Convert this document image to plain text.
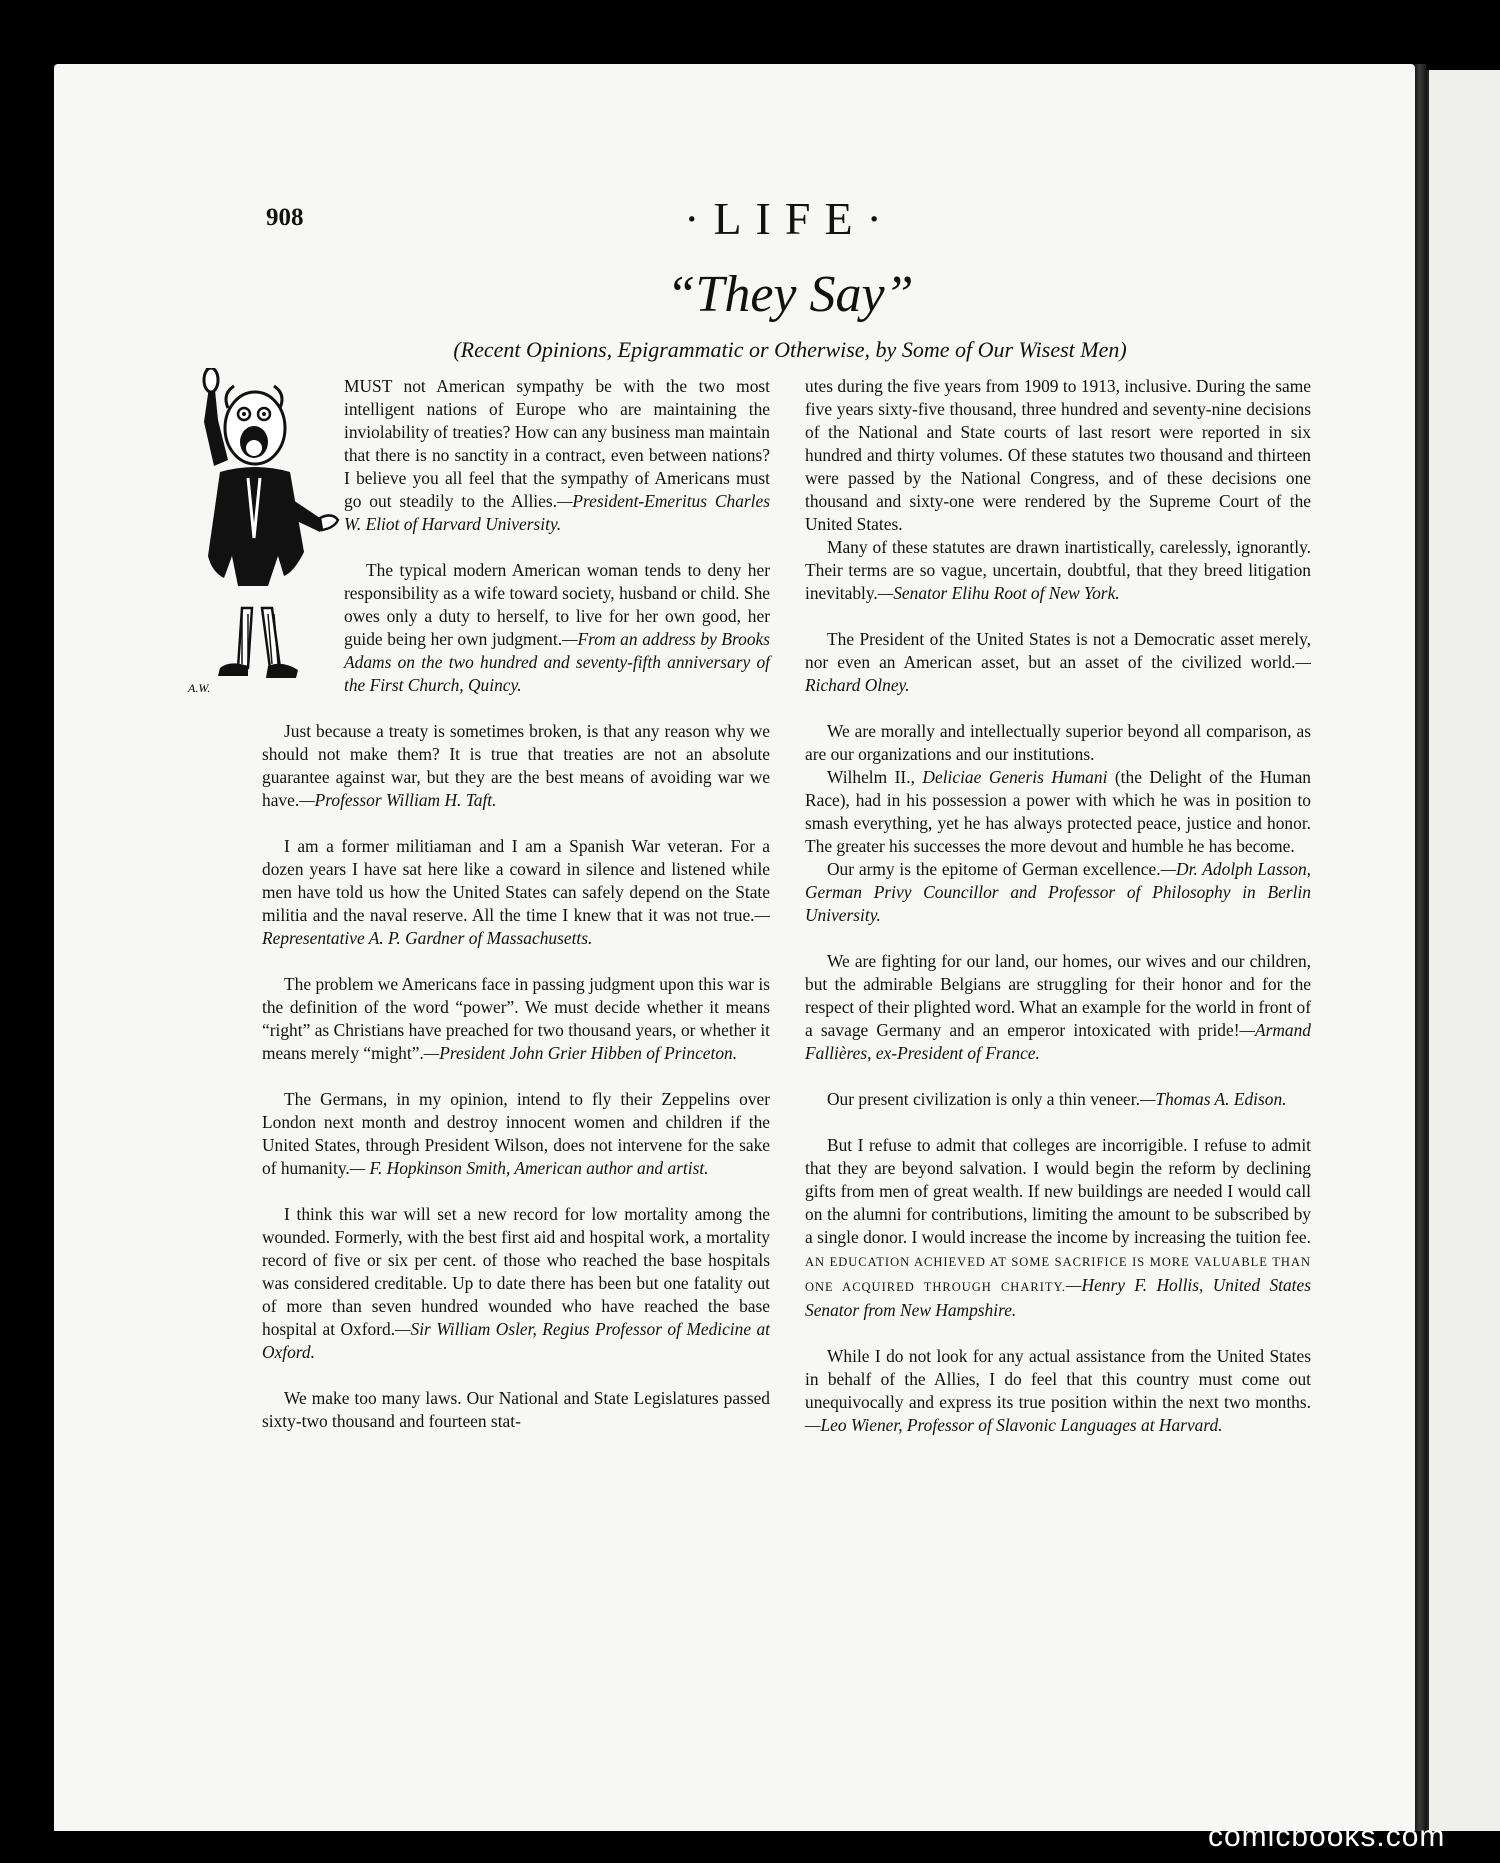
908	·LIFE·
“They Say”
(Recent Opinions, Epigrammatic or Otherwise, by Some of Our Wisest Men)
A.W.

MUST not American sympathy be with the two most intelligent nations of Europe who are maintaining the inviolability of treaties? How can any business man maintain that there is no sanctity in a contract, even between nations? I believe you all feel that the sympathy of Americans must go out steadily to the Allies.—President-Emeritus Charles W. Eliot of Harvard University.

The typical modern American woman tends to deny her responsibility as a wife toward society, husband or child. She owes only a duty to herself, to live for her own good, her guide being her own judgment.—From an address by Brooks Adams on the two hundred and seventy-fifth anniversary of the First Church, Quincy.

Just because a treaty is sometimes broken, is that any reason why we should not make them? It is true that treaties are not an absolute guarantee against war, but they are the best means of avoiding war we have.—Professor William H. Taft.

I am a former militiaman and I am a Spanish War veteran. For a dozen years I have sat here like a coward in silence and listened while men have told us how the United States can safely depend on the State militia and the naval reserve. All the time I knew that it was not true.—Representative A. P. Gardner of Massachusetts.

The problem we Americans face in passing judgment upon this war is the definition of the word “power”. We must decide whether it means “right” as Christians have preached for two thousand years, or whether it means merely “might”.—President John Grier Hibben of Princeton.

The Germans, in my opinion, intend to fly their Zeppelins over London next month and destroy innocent women and children if the United States, through President Wilson, does not intervene for the sake of humanity.— F. Hopkinson Smith, American author and artist.

I think this war will set a new record for low mortality among the wounded. Formerly, with the best first aid and hospital work, a mortality record of five or six per cent. of those who reached the base hospitals was considered creditable. Up to date there has been but one fatality out of more than seven hundred wounded who have reached the base hospital at Oxford.—Sir William Osler, Regius Professor of Medicine at Oxford.

We make too many laws. Our National and State Legislatures passed sixty-two thousand and fourteen stat-

utes during the five years from 1909 to 1913, inclusive. During the same five years sixty-five thousand, three hundred and seventy-nine decisions of the National and State courts of last resort were reported in six hundred and thirty volumes. Of these statutes two thousand and thirteen were passed by the National Congress, and of these decisions one thousand and sixty-one were rendered by the Supreme Court of the United States.

Many of these statutes are drawn inartistically, carelessly, ignorantly. Their terms are so vague, uncertain, doubtful, that they breed litigation inevitably.—Senator Elihu Root of New York.

The President of the United States is not a Democratic asset merely, nor even an American asset, but an asset of the civilized world.—Richard Olney.

We are morally and intellectually superior beyond all comparison, as are our organizations and our institutions.

Wilhelm II., Deliciae Generis Humani (the Delight of the Human Race), had in his possession a power with which he was in position to smash everything, yet he has always protected peace, justice and honor. The greater his successes the more devout and humble he has become.

Our army is the epitome of German excellence.—Dr. Adolph Lasson, German Privy Councillor and Professor of Philosophy in Berlin University.

We are fighting for our land, our homes, our wives and our children, but the admirable Belgians are struggling for their honor and for the respect of their plighted word. What an example for the world in front of a savage Germany and an emperor intoxicated with pride!—Armand Fallières, ex-President of France.

Our present civilization is only a thin veneer.—Thomas A. Edison.

But I refuse to admit that colleges are incorrigible. I refuse to admit that they are beyond salvation. I would begin the reform by declining gifts from men of great wealth. If new buildings are needed I would call on the alumni for contributions, limiting the amount to be subscribed by a single donor. I would increase the income by increasing the tuition fee. AN EDUCATION ACHIEVED AT SOME SACRIFICE IS MORE VALUABLE THAN ONE ACQUIRED THROUGH CHARITY.—Henry F. Hollis, United States Senator from New Hampshire.

While I do not look for any actual assistance from the United States in behalf of the Allies, I do feel that this country must come out unequivocally and express its true position within the next two months.—Leo Wiener, Professor of Slavonic Languages at Harvard.

comicbooks.com
